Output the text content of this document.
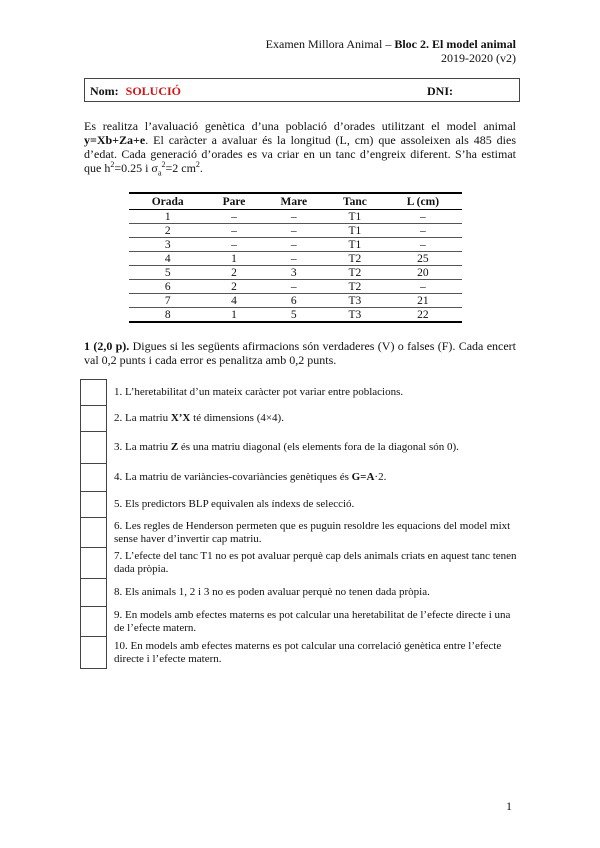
Examen Millora Animal – Bloc 2. El model animal
2019-2020 (v2)
Nom: SOLUCIÓ	DNI:
Es realitza l’avaluació genètica d’una població d’orades utilitzant el model animal y=Xb+Za+e. El caràcter a avaluar és la longitud (L, cm) que assoleixen als 485 dies d’edat. Cada generació d’orades es va criar en un tanc d’engreix diferent. S’ha estimat que $h^2=0.25$ i $\sigma_a^2=2$ $cm^2$.
Orada	Pare	Mare	Tanc	L (cm)
1	–	–	T1	–
2	–	–	T1	–
3	–	–	T1	–
4	1	–	T2	25
5	2	3	T2	20
6	2	–	T2	–
7	4	6	T3	21
8	1	5	T3	22
1 (2,0 p). Digues si les següents afirmacions són verdaderes (V) o falses (F). Cada encert val 0,2 punts i cada error es penalitza amb 0,2 punts.
	1. L’heretabilitat d’un mateix caràcter pot variar entre poblacions.
	2. La matriu X’X té dimensions (4×4).
	3. La matriu Z és una matriu diagonal (els elements fora de la diagonal són 0).
	4. La matriu de variàncies-covariàncies genètiques és G=A·2.
	5. Els predictors BLP equivalen als índexs de selecció.
	6. Les regles de Henderson permeten que es puguin resoldre les equacions del model mixt sense haver d’invertir cap matriu.
	7. L’efecte del tanc T1 no es pot avaluar perquè cap dels animals criats en aquest tanc tenen dada pròpia.
	8. Els animals 1, 2 i 3 no es poden avaluar perquè no tenen dada pròpia.
	9. En models amb efectes materns es pot calcular una heretabilitat de l’efecte directe i una de l’efecte matern.
	10. En models amb efectes materns es pot calcular una correlació genètica entre l’efecte directe i l’efecte matern.
1
